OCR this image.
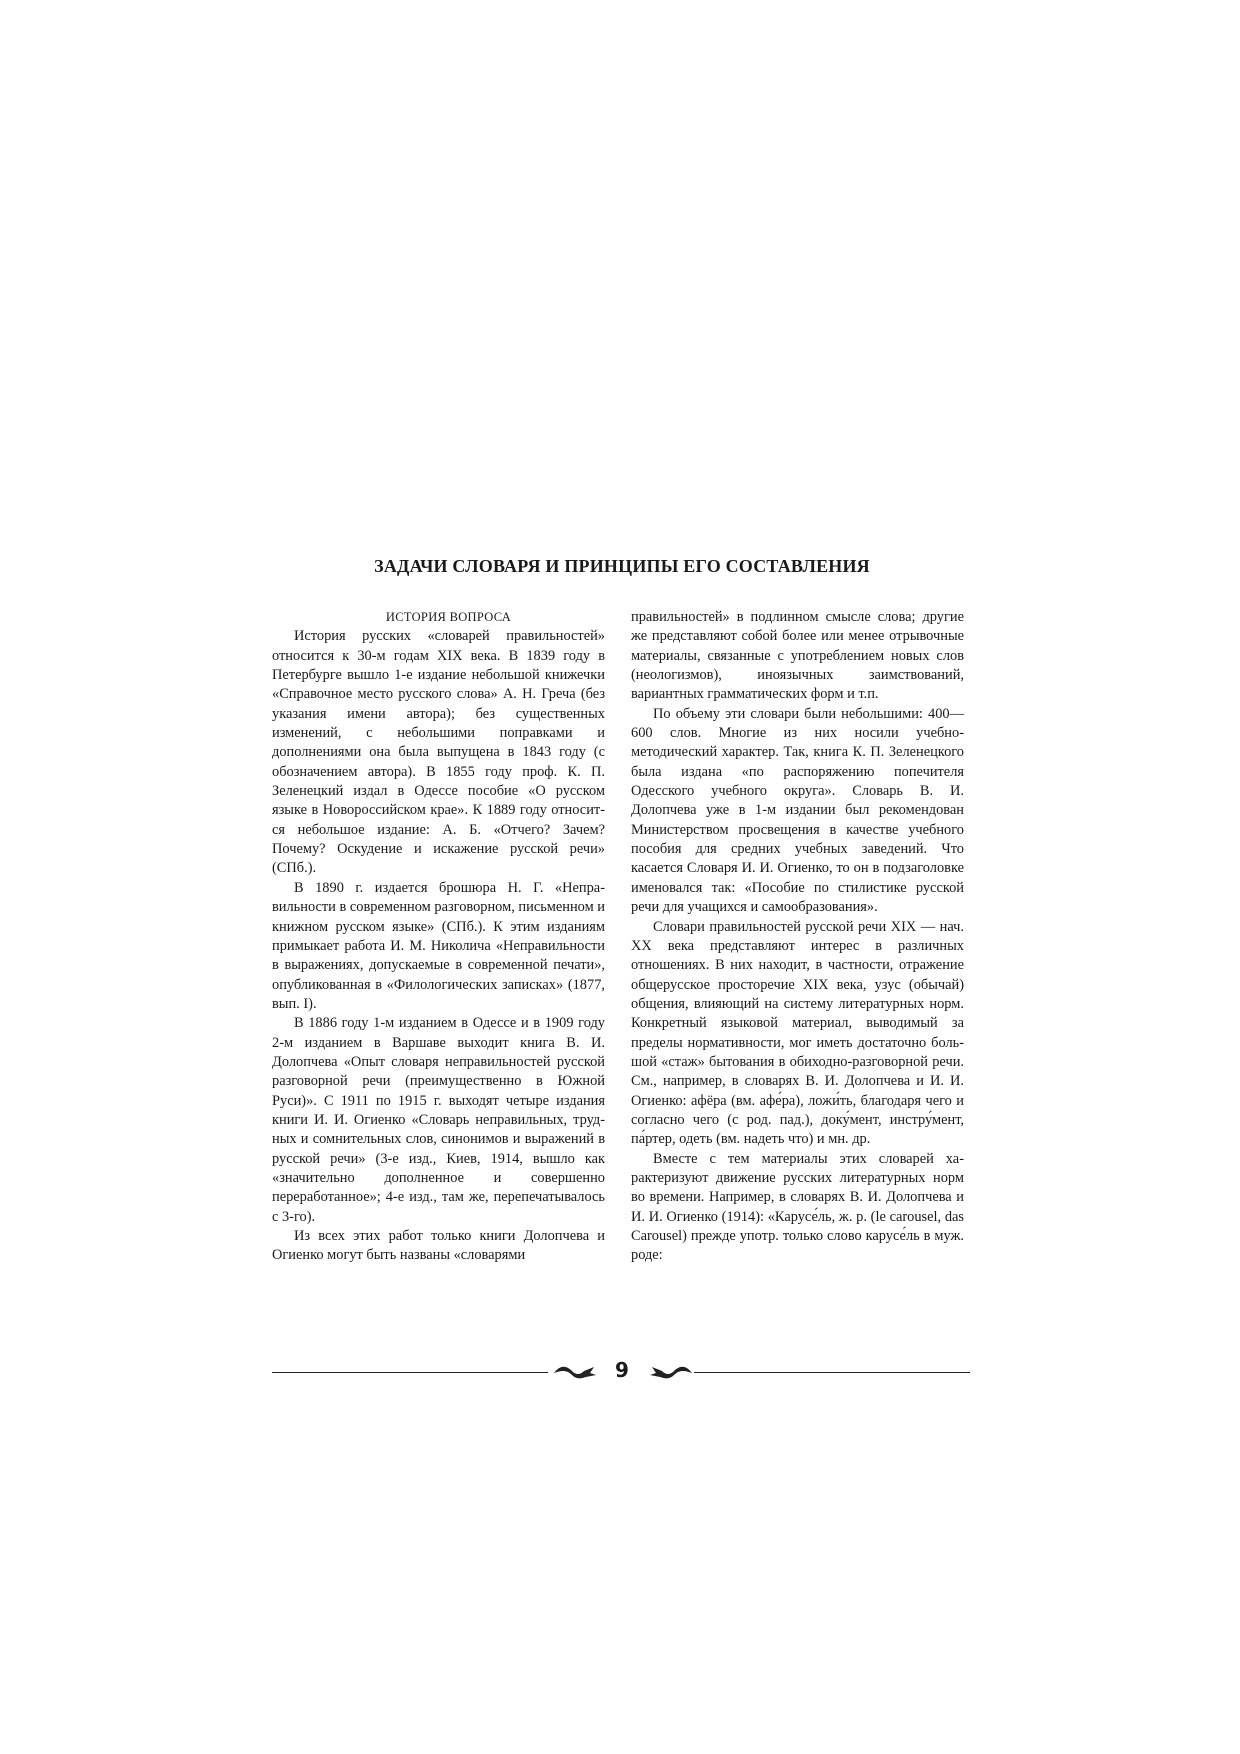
ЗАДАЧИ СЛОВАРЯ И ПРИНЦИПЫ ЕГО СОСТАВЛЕНИЯ

ИСТОРИЯ ВОПРОСА

История русских «словарей правильностей» относится к 30-м годам XIX века. В 1839 году в Петербурге вышло 1-е издание небольшой книжечки «Справочное место русского слова» А. Н. Греча (без указания имени автора); без существенных изменений, с небольшими поправками и дополнениями она была выпущена в 1843 году (с обозначением автора). В 1855 году проф. К. П. Зеленецкий издал в Одессе пособие «О русском языке в Новороссийском крае». К 1889 году относится небольшое издание: А. Б. «Отчего? Зачем? Почему? Оскудение и искажение русской речи» (СПб.).

В 1890 г. издается брошюра Н. Г. «Неправильности в современном разговорном, письменном и книжном русском языке» (СПб.). К этим изданиям примыкает работа И. М. Николича «Неправильности в выражениях, допускаемые в современной печати», опубликованная в «Филологических записках» (1877, вып. I).

В 1886 году 1-м изданием в Одессе и в 1909 году 2-м изданием в Варшаве выходит книга В. И. Долопчева «Опыт словаря неправильностей русской разговорной речи (преимущественно в Южной Руси)». С 1911 по 1915 г. выходят четыре издания книги И. И. Огиенко «Словарь неправильных, трудных и сомнительных слов, синонимов и выражений в русской речи» (3-е изд., Киев, 1914, вышло как «значительно дополненное и совершенно переработанное»; 4-е изд., там же, перепечатывалось с 3-го).

Из всех этих работ только книги Долопчева и Огиенко могут быть названы «словарями

правильностей» в подлинном смысле слова; другие же представляют собой более или менее отрывочные материалы, связанные с употреблением новых слов (неологизмов), иноязычных заимствований, вариантных грамматических форм и т.п.

По объему эти словари были небольшими: 400—600 слов. Многие из них носили учебно-методический характер. Так, книга К. П. Зеленецкого была издана «по распоряжению попечителя Одесского учебного округа». Словарь В. И. Долопчева уже в 1-м издании был рекомендован Министерством просвещения в качестве учебного пособия для средних учебных заведений. Что касается Словаря И. И. Огиенко, то он в подзаголовке именовался так: «Пособие по стилистике русской речи для учащихся и самообразования».

Словари правильностей русской речи XIX — нач. XX века представляют интерес в различных отношениях. В них находит, в частности, отражение общерусское просторечие XIX века, узус (обычай) общения, влияющий на систему литературных норм. Конкретный языковой материал, выводимый за пределы нормативности, мог иметь достаточно большой «стаж» бытования в обиходно-разговорной речи. См., например, в словарях В. И. Долопчева и И. И. Огиенко: афёра (вм. афе́ра), ложи́ть, благодаря чего и согласно чего (с род. пад.), доку́мент, инстру́мент, па́ртер, одеть (вм. надеть что) и мн. др.

Вместе с тем материалы этих словарей характеризуют движение русских литературных норм во времени. Например, в словарях В. И. Долопчева и И. И. Огиенко (1914): «Карусе́ль, ж. р. (le carousel, das Carousel) прежде употр. только слово карусе́ль в муж. роде:

9
